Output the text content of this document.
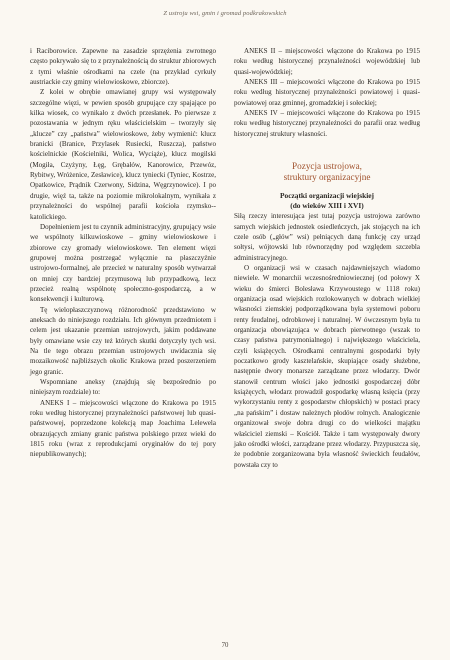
Z ustroju wsi, gmin i gromad podkrakowskich

i Raciborowice. Zapewne na zasadzie sprzężenia zwrotnego często pokrywało się to z przynależnością do struktur zbiorowych z tymi właśnie ośrodkami na czele (na przykład cyrkuły austriackie czy gminy wielowioskowe, zbiorcze).

Z kolei w obrębie omawianej grupy wsi występowały szczególne więzi, w pewien sposób grupujące czy spajające po kilka wiosek, co wynikało z dwóch przesłanek. Po pierwsze z pozostawania w jednym ręku właścicielskim – tworzyły się „klucze” czy „państwa” wielowioskowe, żeby wymienić: klucz branicki (Branice, Przylasek Rusiecki, Ruszcza), państwo kościelnickie (Kościelniki, Wolica, Wyciąże), klucz mogilski (Mogiła, Czyżyny, Łęg, Grębałów, Kanorowice, Przewóz, Rybitwy, Wróżenice, Zesławice), klucz tyniecki (Tyniec, Kostrze, Opatkowice, Prądnik Czerwony, Sidzina, Węgrzynowice). I po drugie, więź ta, także na poziomie mikrolokalnym, wynikała z przynależności do wspólnej parafii kościoła rzymsko--katolickiego.

Dopełnieniem jest tu czynnik administracyjny, grupujący wsie we wspólnoty kilkuwioskowe – gminy wielowioskowe i zbiorowe czy gromady wielowioskowe. Ten element więzi grupowej można postrzegać wyłącznie na płaszczyźnie ustrojowo-formalnej, ale przecież w naturalny sposób wytwarzał on mniej czy bardziej przymusową lub przypadkową, lecz przecież realną wspólnotę społeczno-gospodarczą, a w konsekwencji i kulturową.

Tę wielopłaszczyznową różnorodność przedstawiono w aneksach do niniejszego rozdziału. Ich głównym przedmiotem i celem jest ukazanie przemian ustrojowych, jakim poddawane były omawiane wsie czy też których skutki dotyczyły tych wsi. Na tle tego obrazu przemian ustrojowych uwidacznia się mozaikowość najbliższych okolic Krakowa przed poszerzeniem jego granic.

Wspomniane aneksy (znajdują się bezpośrednio po niniejszym rozdziale) to:

ANEKS I – miejscowości włączone do Krakowa po 1915 roku według historycznej przynależności państwowej lub quasi-państwowej, poprzedzone kolekcją map Joachima Lelewela obrazujących zmiany granic państwa polskiego przez wieki do 1815 roku (wraz z reprodukcjami oryginałów do tej pory niepublikowanych);

ANEKS II – miejscowości włączone do Krakowa po 1915 roku według historycznej przynależności wojewódzkiej lub quasi-wojewódzkiej;

ANEKS III – miejscowości włączone do Krakowa po 1915 roku według historycznej przynależności powiatowej i quasi-powiatowej oraz gminnej, gromadzkiej i sołeckiej;

ANEKS IV – miejscowości włączone do Krakowa po 1915 roku według historycznej przynależności do parafii oraz według historycznej struktury własności.

Pozycja ustrojowa,
struktury organizacyjne
Początki organizacji wiejskiej
(do wieków XIII i XVI)

Siłą rzeczy interesująca jest tutaj pozycja ustrojowa zarówno samych wiejskich jednostek osiedleńczych, jak stojących na ich czele osób („głów” wsi) pełniących daną funkcję czy urząd sołtysi, wójtowski lub równorzędny pod względem szczebla administracyjnego.

O organizacji wsi w czasach najdawniejszych wiadomo niewiele. W monarchii wczesnośredniowiecznej (od połowy X wieku do śmierci Bolesława Krzywoustego w 1118 roku) organizacja osad wiejskich rozlokowanych w dobrach wielkiej własności ziemskiej podporządkowana była systemowi poboru renty feudalnej, odrobkowej i naturalnej. W ówczesnym była tu organizacja obowiązująca w dobrach pierwotnego (wszak to czasy państwa patrymonialnego) i największego właściciela, czyli książęcych. Ośrodkami centralnymi gospodarki były poczatkowo grody kasztelańskie, skupiające osady służebne, następnie dwory monarsze zarządzane przez włodarzy. Dwór stanowił centrum włości jako jednostki gospodarczej dóbr książęcych, włodarz prowadził gospodarkę własną księcia (przy wykorzystaniu renty z gospodarstw chłopskich) w postaci pracy „na pańskim” i dostaw należnych płodów rolnych. Analogicznie organizował swoje dobra drugi co do wielkości majątku właściciel ziemski – Kościół. Także i tam występowały dwory jako ośrodki włości, zarządzane przez włodarzy. Przypuszcza się, że podobnie zorganizowana była własność świeckich feudałów, powstała czy to

70
